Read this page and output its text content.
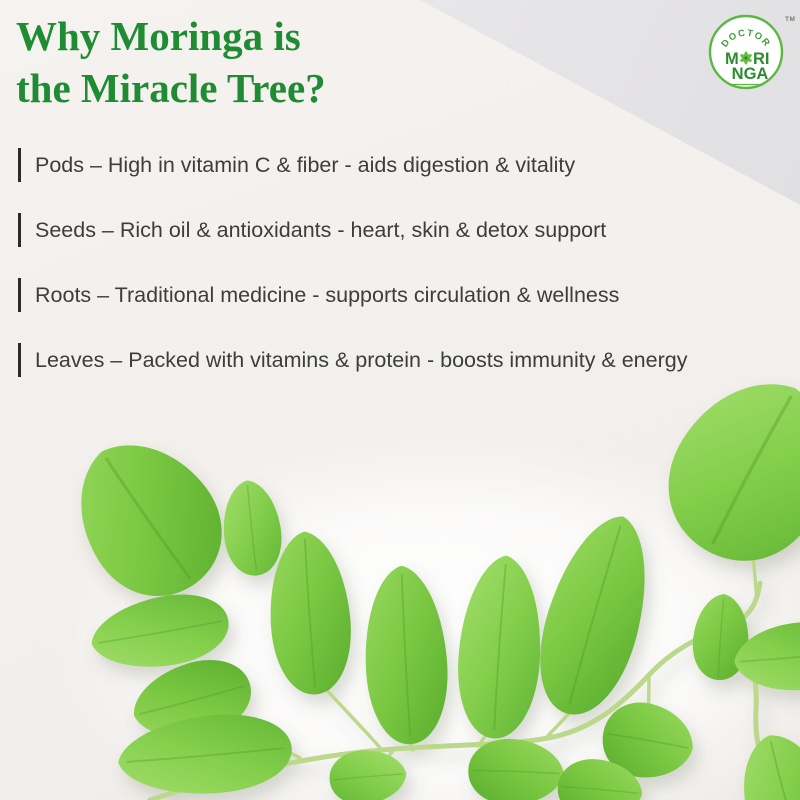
Why Moringa is
the Miracle Tree?
DOCTOR
M RI
NGA
TM
Pods – High in vitamin C & fiber - aids digestion & vitality
Seeds – Rich oil & antioxidants - heart, skin & detox support
Roots – Traditional medicine - supports circulation & wellness
Leaves – Packed with vitamins & protein - boosts immunity & energy
